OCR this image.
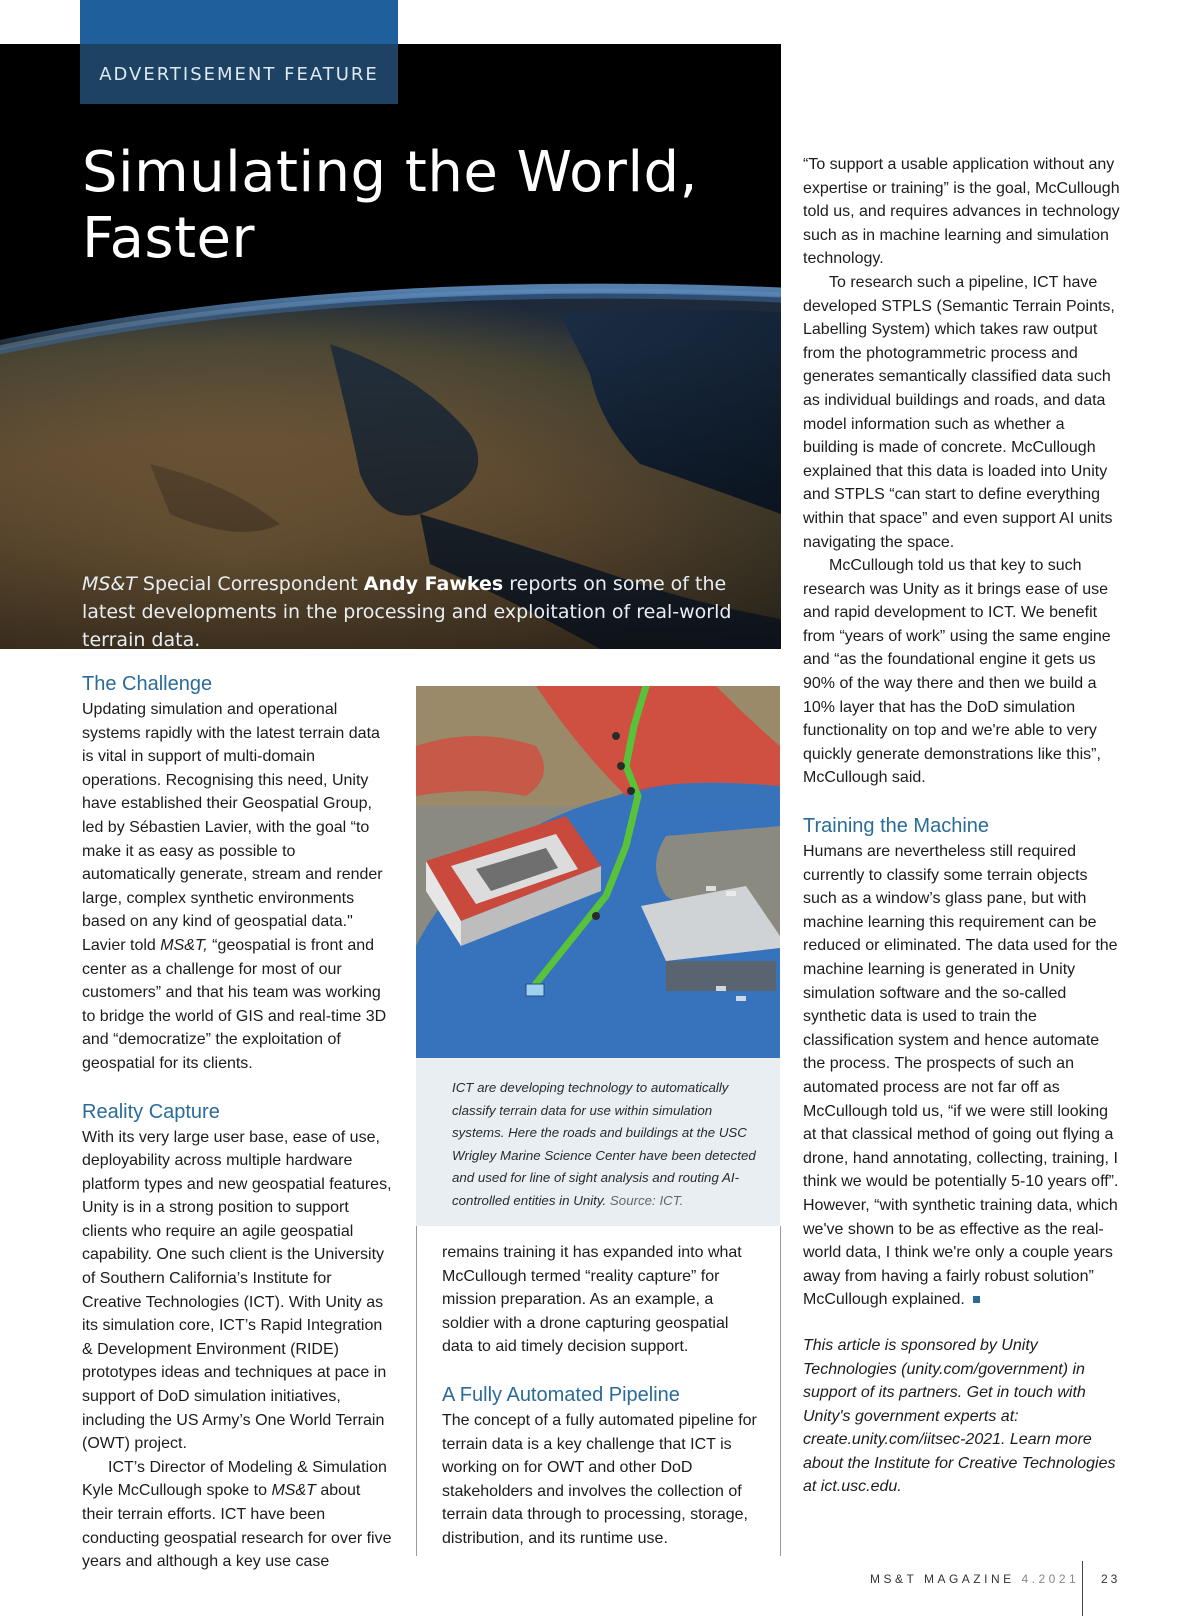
ADVERTISEMENT FEATURE
Simulating the World,
Faster

MS&T Special Correspondent Andy Fawkes reports on some of the latest developments in the processing and exploitation of real-world terrain data.

The Challenge

Updating simulation and operational systems rapidly with the latest terrain data is vital in support of multi-domain operations. Recognising this need, Unity have established their Geospatial Group, led by Sébastien Lavier, with the goal “to make it as easy as possible to automatically generate, stream and render large, complex synthetic environments based on any kind of geospatial data." Lavier told MS&T, “geospatial is front and center as a challenge for most of our customers” and that his team was working to bridge the world of GIS and real-time 3D and “democratize” the exploitation of geospatial for its clients.

Reality Capture

With its very large user base, ease of use, deployability across multiple hardware platform types and new geospatial features, Unity is in a strong position to support clients who require an agile geospatial capability. One such client is the University of Southern California’s Institute for Creative Technologies (ICT). With Unity as its simulation core, ICT’s Rapid Integration & Development Environment (RIDE) prototypes ideas and techniques at pace in support of DoD simulation initiatives, including the US Army’s One World Terrain (OWT) project.

ICT’s Director of Modeling & Simulation Kyle McCullough spoke to MS&T about their terrain efforts. ICT have been conducting geospatial research for over five years and although a key use case

ICT are developing technology to automatically classify terrain data for use within simulation systems. Here the roads and buildings at the USC Wrigley Marine Science Center have been detected and used for line of sight analysis and routing AI-controlled entities in Unity. Source: ICT.

remains training it has expanded into what McCullough termed “reality capture” for mission preparation. As an example, a soldier with a drone capturing geospatial data to aid timely decision support.

A Fully Automated Pipeline

The concept of a fully automated pipeline for terrain data is a key challenge that ICT is working on for OWT and other DoD stakeholders and involves the collection of terrain data through to processing, storage, distribution, and its runtime use.

“To support a usable application without any expertise or training” is the goal, McCullough told us, and requires advances in technology such as in machine learning and simulation technology.

To research such a pipeline, ICT have developed STPLS (Semantic Terrain Points, Labelling System) which takes raw output from the photogrammetric process and generates semantically classified data such as individual buildings and roads, and data model information such as whether a building is made of concrete. McCullough explained that this data is loaded into Unity and STPLS “can start to define everything within that space” and even support AI units navigating the space.

McCullough told us that key to such research was Unity as it brings ease of use and rapid development to ICT. We benefit from “years of work” using the same engine and “as the foundational engine it gets us 90% of the way there and then we build a 10% layer that has the DoD simulation functionality on top and we're able to very quickly generate demonstrations like this”, McCullough said.

Training the Machine

Humans are nevertheless still required currently to classify some terrain objects such as a window’s glass pane, but with machine learning this requirement can be reduced or eliminated. The data used for the machine learning is generated in Unity simulation software and the so-called synthetic data is used to train the classification system and hence automate the process. The prospects of such an automated process are not far off as McCullough told us, “if we were still looking at that classical method of going out flying a drone, hand annotating, collecting, training, I think we would be potentially 5-10 years off”. However, “with synthetic training data, which we've shown to be as effective as the real-world data, I think we're only a couple years away from having a fairly robust solution” McCullough explained.

This article is sponsored by Unity Technologies (unity.com/government) in support of its partners. Get in touch with Unity's government experts at: create.unity.com/iitsec-2021. Learn more about the Institute for Creative Technologies at ict.usc.edu.

MS&T MAGAZINE 4.2021 23
